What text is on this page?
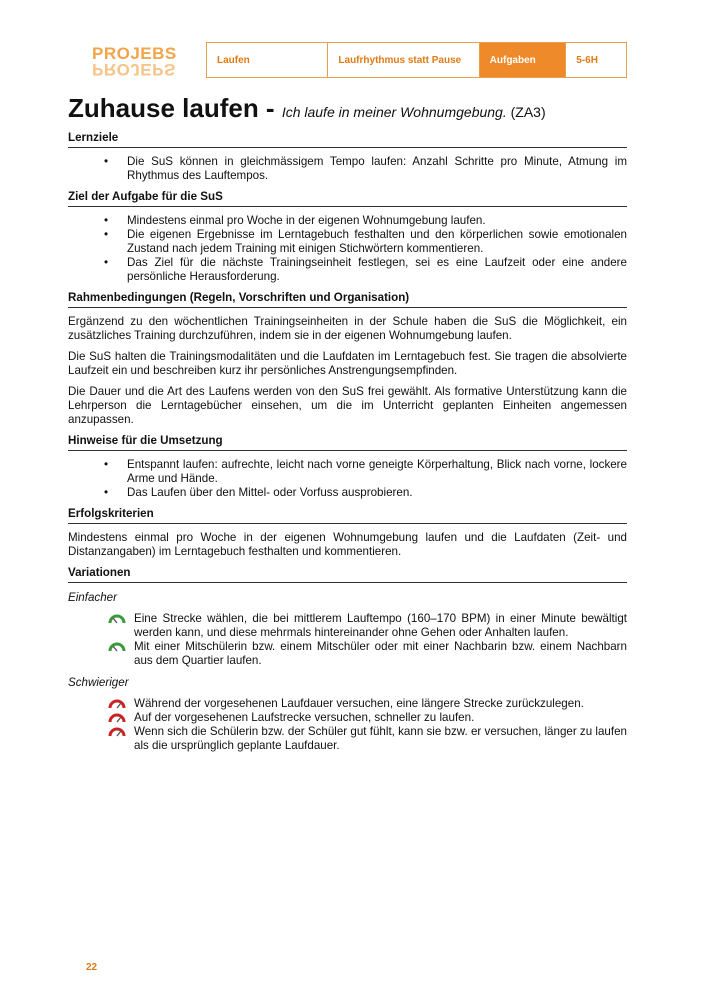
PROJEBS
PROJEPS	Laufen	Laufrhythmus statt Pause	Aufgaben	5-6H
Zuhause laufen - Ich laufe in meiner Wohnumgebung. (ZA3)
Lernziele
• Die SuS können in gleichmässigem Tempo laufen: Anzahl Schritte pro Minute, Atmung im Rhythmus des Lauftempos.
Ziel der Aufgabe für die SuS
• Mindestens einmal pro Woche in der eigenen Wohnumgebung laufen.
• Die eigenen Ergebnisse im Lerntagebuch festhalten und den körperlichen sowie emotionalen Zustand nach jedem Training mit einigen Stichwörtern kommentieren.
• Das Ziel für die nächste Trainingseinheit festlegen, sei es eine Laufzeit oder eine andere persönliche Herausforderung.
Rahmenbedingungen (Regeln, Vorschriften und Organisation)

Ergänzend zu den wöchentlichen Trainingseinheiten in der Schule haben die SuS die Möglichkeit, ein zusätzliches Training durchzuführen, indem sie in der eigenen Wohnumgebung laufen.

Die SuS halten die Trainingsmodalitäten und die Laufdaten im Lerntagebuch fest. Sie tragen die absolvierte Laufzeit ein und beschreiben kurz ihr persönliches Anstrengungsempfinden.

Die Dauer und die Art des Laufens werden von den SuS frei gewählt. Als formative Unterstützung kann die Lehrperson die Lerntagebücher einsehen, um die im Unterricht geplanten Einheiten angemessen anzupassen.

Hinweise für die Umsetzung
• Entspannt laufen: aufrechte, leicht nach vorne geneigte Körperhaltung, Blick nach vorne, lockere Arme und Hände.
• Das Laufen über den Mittel- oder Vorfuss ausprobieren.
Erfolgskriterien

Mindestens einmal pro Woche in der eigenen Wohnumgebung laufen und die Laufdaten (Zeit- und Distanzangaben) im Lerntagebuch festhalten und kommentieren.

Variationen
Einfacher
Eine Strecke wählen, die bei mittlerem Lauftempo (160–170 BPM) in einer Minute bewältigt werden kann, und diese mehrmals hintereinander ohne Gehen oder Anhalten laufen.
Mit einer Mitschülerin bzw. einem Mitschüler oder mit einer Nachbarin bzw. einem Nachbarn aus dem Quartier laufen.
Schwieriger
Während der vorgesehenen Laufdauer versuchen, eine längere Strecke zurückzulegen.
Auf der vorgesehenen Laufstrecke versuchen, schneller zu laufen.
Wenn sich die Schülerin bzw. der Schüler gut fühlt, kann sie bzw. er versuchen, länger zu laufen als die ursprünglich geplante Laufdauer.
22
